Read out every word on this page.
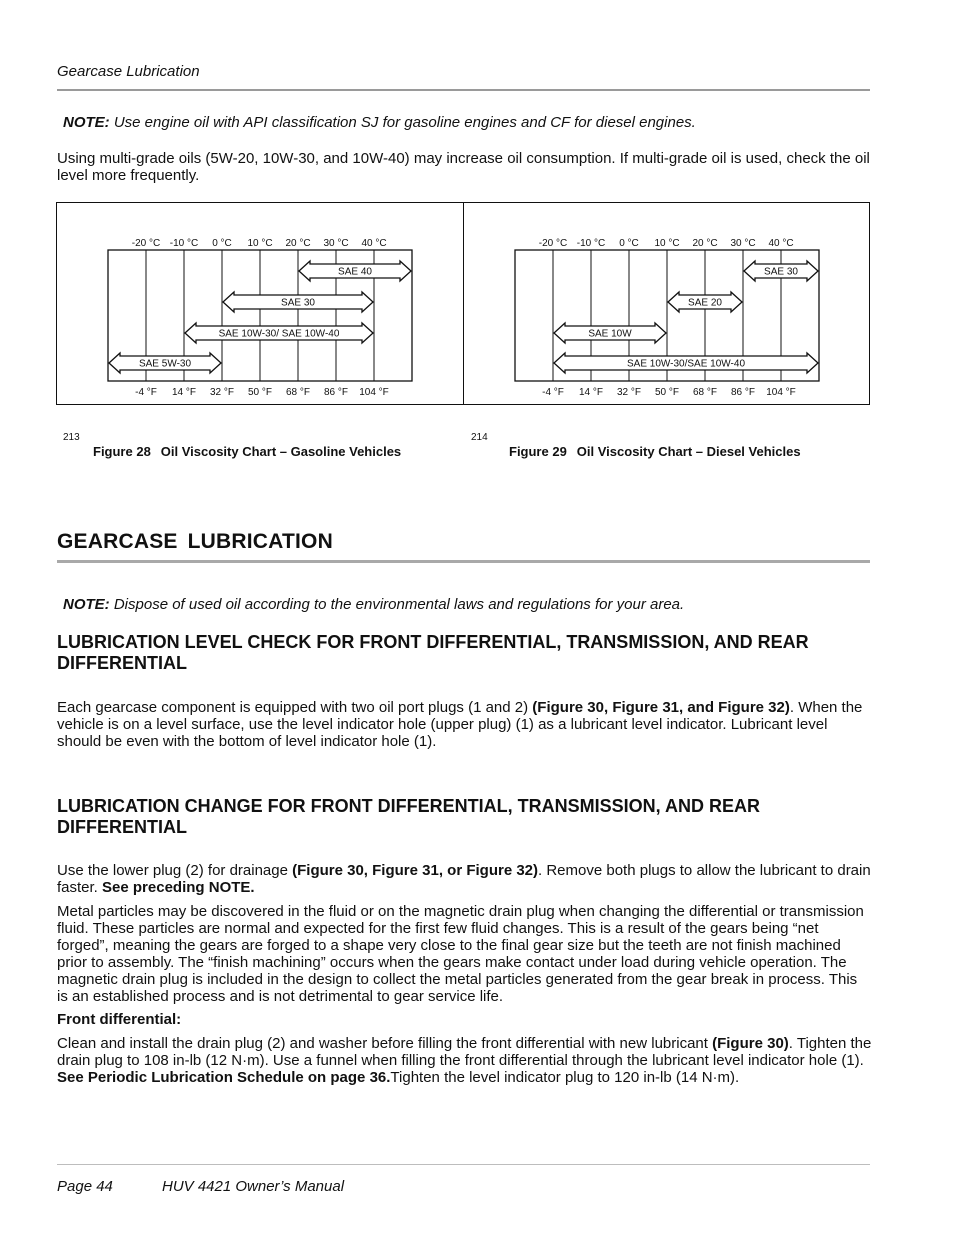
Gearcase Lubrication
NOTE: Use engine oil with API classification SJ for gasoline engines and CF for diesel engines.
Using multi-grade oils (5W-20, 10W-30, and 10W-40) may increase oil consumption. If multi-grade oil is used, check the oil level more frequently.
-20 °C
-4 °F
-10 °C
14 °F
0 °C
32 °F
10 °C
50 °F
20 °C
68 °F
30 °C
86 °F
40 °C
104 °F
SAE 40
SAE 30
SAE 10W-30/ SAE 10W-40
SAE 5W-30
-20 °C
-4 °F
-10 °C
14 °F
0 °C
32 °F
10 °C
50 °F
20 °C
68 °F
30 °C
86 °F
40 °C
104 °F
SAE 30
SAE 20
SAE 10W
SAE 10W-30/SAE 10W-40
213
Figure 28 Oil Viscosity Chart – Gasoline Vehicles
214
Figure 29 Oil Viscosity Chart – Diesel Vehicles
GEARCASE LUBRICATION
NOTE: Dispose of used oil according to the environmental laws and regulations for your area.
LUBRICATION LEVEL CHECK FOR FRONT DIFFERENTIAL, TRANSMISSION, AND REAR DIFFERENTIAL
Each gearcase component is equipped with two oil port plugs (1 and 2) (Figure 30, Figure 31, and Figure 32). When the vehicle is on a level surface, use the level indicator hole (upper plug) (1) as a lubricant level indicator. Lubricant level should be even with the bottom of level indicator hole (1).
LUBRICATION CHANGE FOR FRONT DIFFERENTIAL, TRANSMISSION, AND REAR DIFFERENTIAL
Use the lower plug (2) for drainage (Figure 30, Figure 31, or Figure 32). Remove both plugs to allow the lubricant to drain faster. See preceding NOTE.
Metal particles may be discovered in the fluid or on the magnetic drain plug when changing the differential or transmission fluid. These particles are normal and expected for the first few fluid changes. This is a result of the gears being “net forged”, meaning the gears are forged to a shape very close to the final gear size but the teeth are not finish machined prior to assembly. The “finish machining” occurs when the gears make contact under load during vehicle operation. The magnetic drain plug is included in the design to collect the metal particles generated from the gear break in process. This is an established process and is not detrimental to gear service life.
Front differential:
Clean and install the drain plug (2) and washer before filling the front differential with new lubricant (Figure 30). Tighten the drain plug to 108 in-lb (12 N·m). Use a funnel when filling the front differential through the lubricant level indicator hole (1). See Periodic Lubrication Schedule on page 36.Tighten the level indicator plug to 120 in-lb (14 N·m).
Page 44	HUV 4421 Owner’s Manual
